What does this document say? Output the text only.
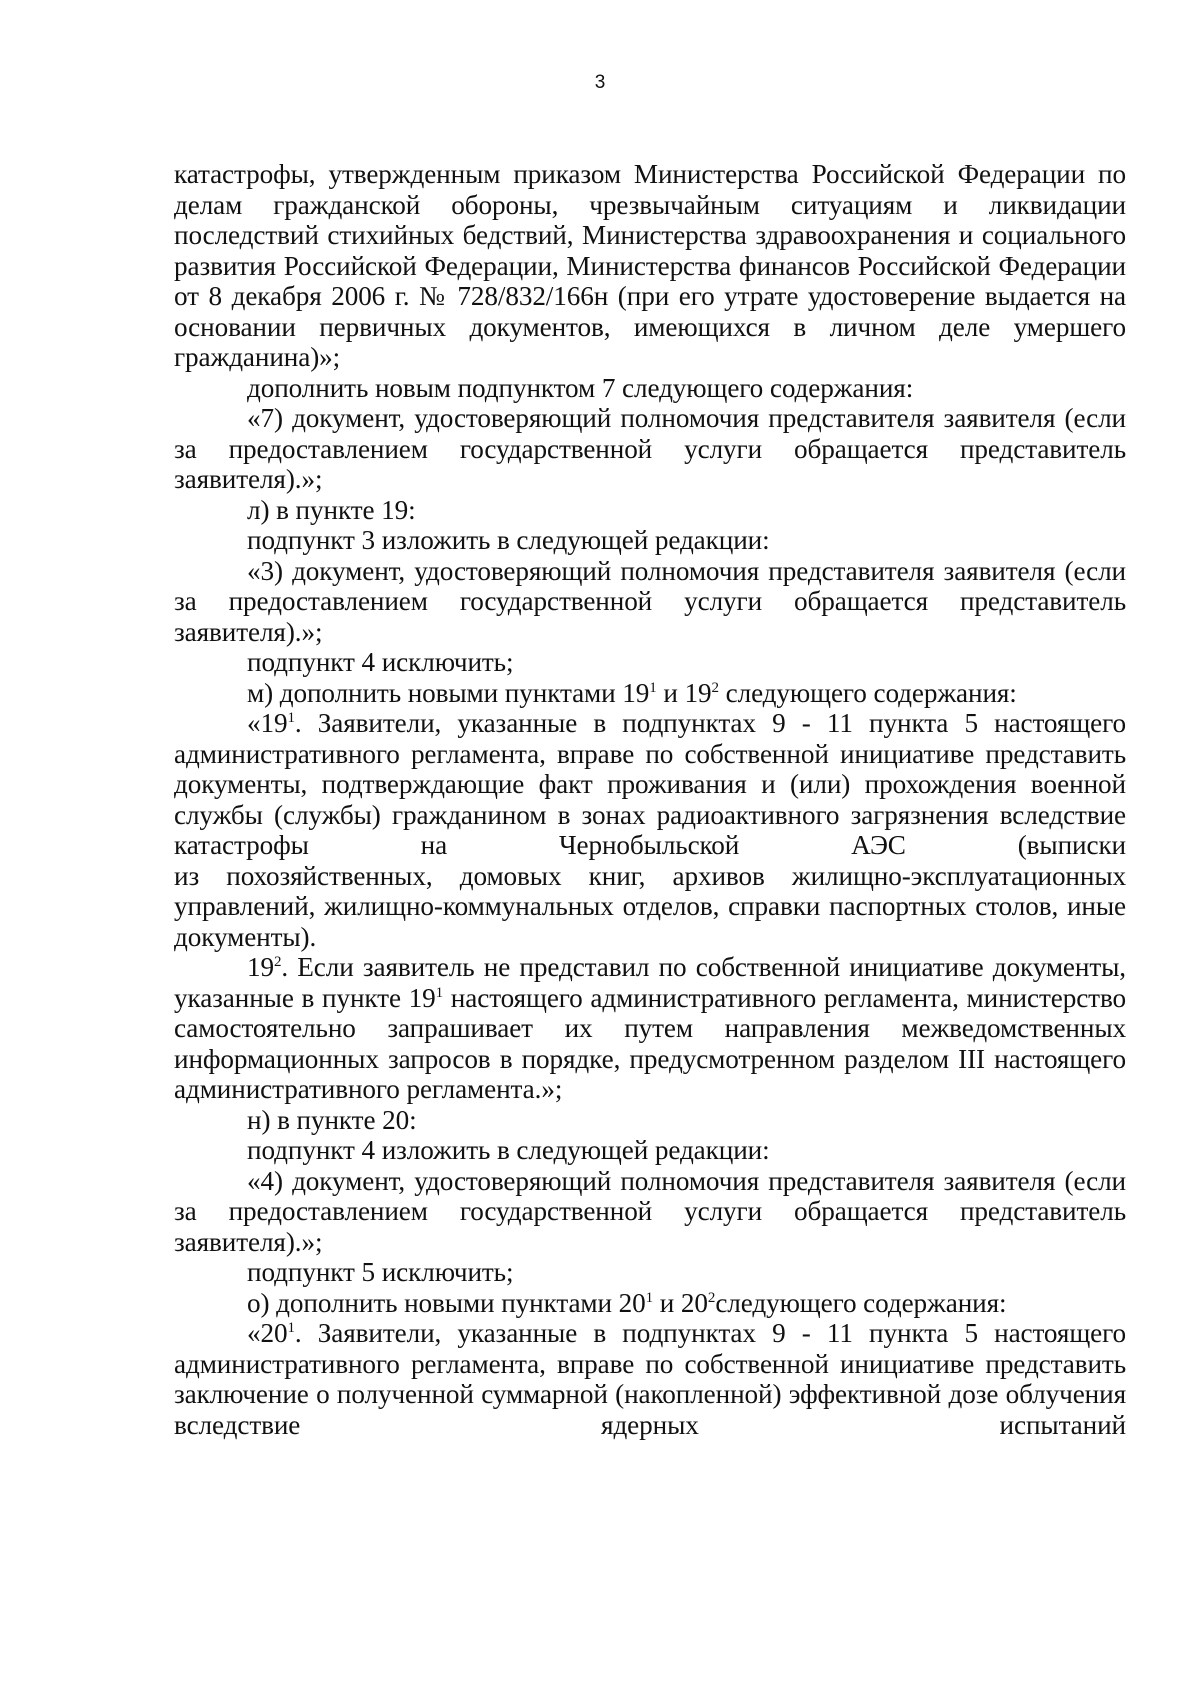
3

катастрофы, утвержденным приказом Министерства Российской Федерации по делам гражданской обороны, чрезвычайным ситуациям и ликвидации последствий стихийных бедствий, Министерства здравоохранения и социального развития Российской Федерации, Министерства финансов Российской Федерации от 8 декабря 2006 г. № 728/832/166н (при его утрате удостоверение выдается на основании первичных документов, имеющихся в личном деле умершего гражданина)»;

дополнить новым подпунктом 7 следующего содержания:

«7) документ, удостоверяющий полномочия представителя заявителя (если за предоставлением государственной услуги обращается представитель заявителя).»;

л) в пункте 19:

подпункт 3 изложить в следующей редакции:

«3) документ, удостоверяющий полномочия представителя заявителя (если за предоставлением государственной услуги обращается представитель заявителя).»;

подпункт 4 исключить;

м) дополнить новыми пунктами $19^1$ и $19^2$ следующего содержания:

«$19^1$. Заявители, указанные в подпунктах 9 - 11 пункта 5 настоящего административного регламента, вправе по собственной инициативе представить документы, подтверждающие факт проживания и (или) прохождения военной службы (службы) гражданином в зонах радиоактивного загрязнения вследствие катастрофы на Чернобыльской АЭС (выписки

из похозяйственных, домовых книг, архивов жилищно-эксплуатационных управлений, жилищно-коммунальных отделов, справки паспортных столов, иные документы).

$19^2$. Если заявитель не представил по собственной инициативе документы, указанные в пункте $19^1$ настоящего административного регламента, министерство самостоятельно запрашивает их путем направления межведомственных информационных запросов в порядке, предусмотренном разделом III настоящего административного регламента.»;

н) в пункте 20:

подпункт 4 изложить в следующей редакции:

«4) документ, удостоверяющий полномочия представителя заявителя (если за предоставлением государственной услуги обращается представитель заявителя).»;

подпункт 5 исключить;

о) дополнить новыми пунктами $20^1$ и $20^2следующего$ содержания:

«$20^1$. Заявители, указанные в подпунктах 9 - 11 пункта 5 настоящего административного регламента, вправе по собственной инициативе представить заключение о полученной суммарной (накопленной) эффективной дозе облучения вследствие ядерных испытаний
